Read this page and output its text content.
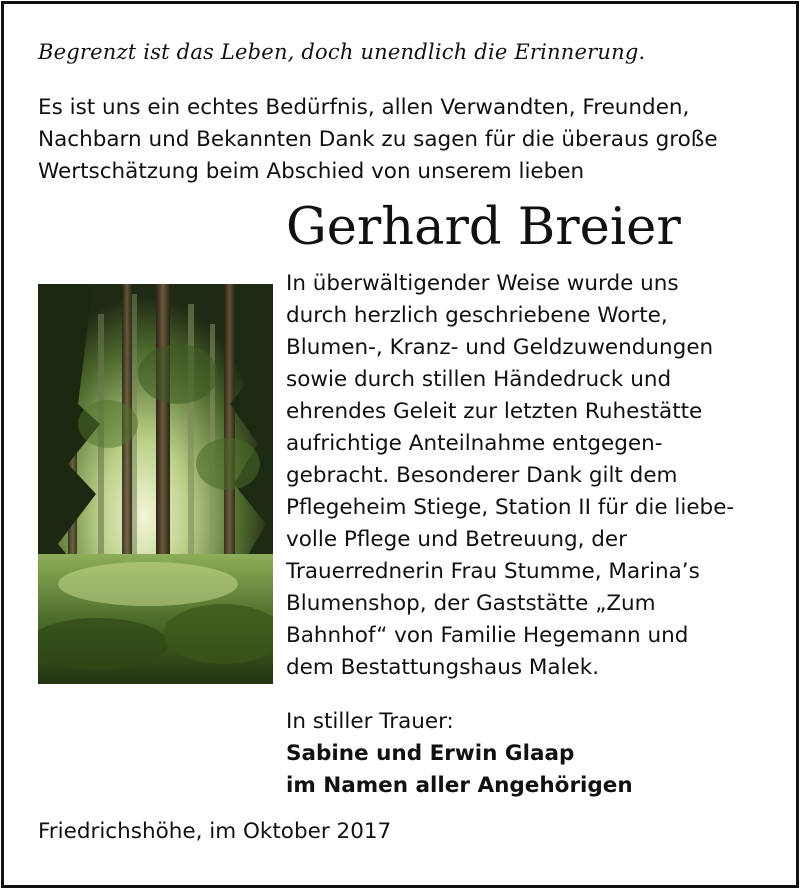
Begrenzt ist das Leben, doch unendlich die Erinnerung.
Es ist uns ein echtes Bedürfnis, allen Verwandten, Freunden,
Nachbarn und Bekannten Dank zu sagen für die überaus große
Wertschätzung beim Abschied von unserem lieben
Gerhard Breier
In überwältigender Weise wurde uns
durch herzlich geschriebene Worte,
Blumen-, Kranz- und Geldzuwendungen
sowie durch stillen Händedruck und
ehrendes Geleit zur letzten Ruhestätte
aufrichtige Anteilnahme entgegen-
gebracht. Besonderer Dank gilt dem
Pflegeheim Stiege, Station II für die liebe-
volle Pflege und Betreuung, der
Trauerrednerin Frau Stumme, Marina’s
Blumenshop, der Gaststätte „Zum
Bahnhof“ von Familie Hegemann und
dem Bestattungshaus Malek.
In stiller Trauer:
Sabine und Erwin Glaap
im Namen aller Angehörigen
Friedrichshöhe, im Oktober 2017
